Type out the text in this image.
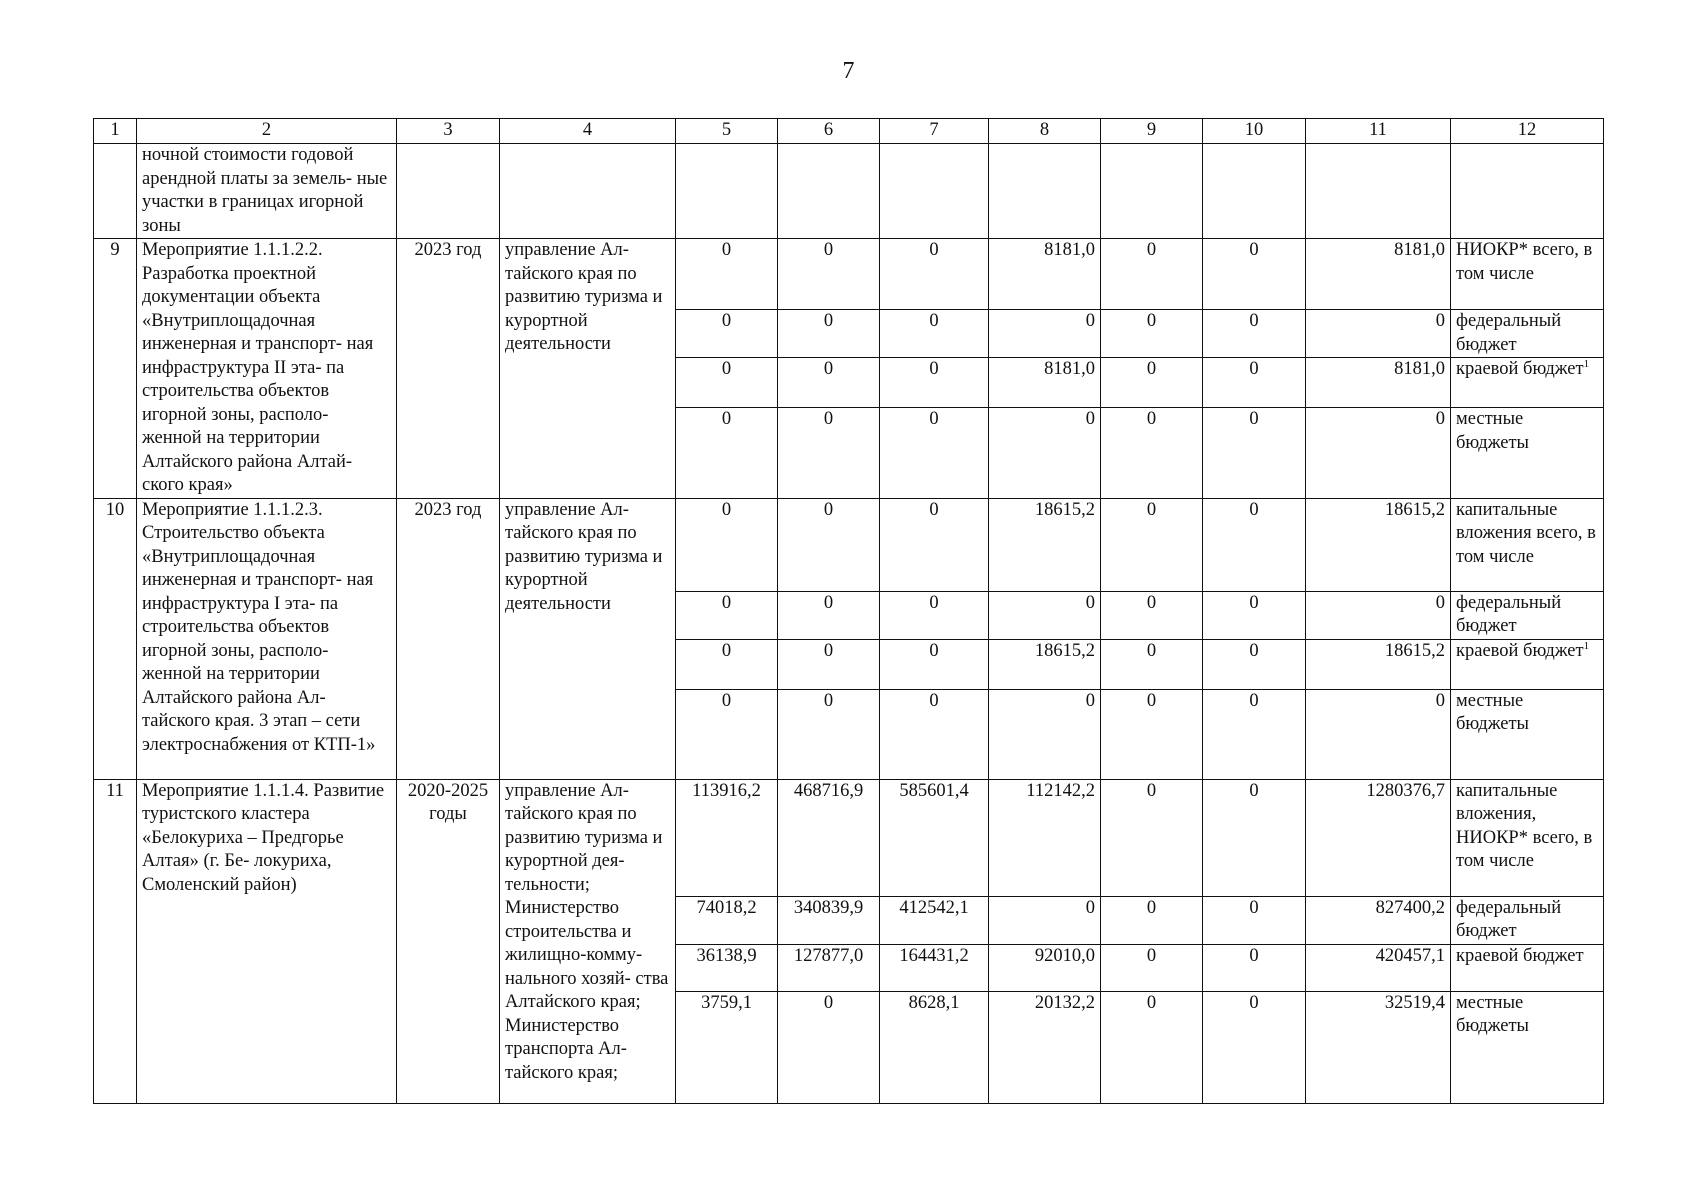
7
1	2	3	4	5	6	7	8	9	10	11	12
	ночной стоимости годовой арендной платы за земель- ные участки в границах игорной зоны										
9	Мероприятие 1.1.1.2.2. Разработка проектной документации объекта «Внутриплощадочная инженерная и транспорт- ная инфраструктура II эта- па строительства объектов игорной зоны, располо- женной на территории Алтайского района Алтай- ского края»	2023 год	управление Ал- тайского края по развитию туризма и курортной деятельности	0	0	0	8181,0	0	0	8181,0	НИОКР* всего, в том числе
				0	0	0	0	0	0	0	федеральный бюджет
				0	0	0	8181,0	0	0	8181,0	краевой бюджет$^1$
				0	0	0	0	0	0	0	местные бюджеты
10	Мероприятие 1.1.1.2.3. Строительство объекта «Внутриплощадочная инженерная и транспорт- ная инфраструктура I эта- па строительства объектов игорной зоны, располо- женной на территории Алтайского района Ал- тайского края. 3 этап – сети электроснабжения от КТП-1»	2023 год	управление Ал- тайского края по развитию туризма и курортной деятельности	0	0	0	18615,2	0	0	18615,2	капитальные вложения всего, в том числе
				0	0	0	0	0	0	0	федеральный бюджет
				0	0	0	18615,2	0	0	18615,2	краевой бюджет$^1$
				0	0	0	0	0	0	0	местные бюджеты
11	Мероприятие 1.1.1.4. Развитие туристского кластера «Белокуриха – Предгорье Алтая» (г. Бе- локуриха, Смоленский район)	2020-2025 годы	управление Ал- тайского края по развитию туризма и курортной дея- тельности; Министерство строительства и жилищно-комму- нального хозяй- ства Алтайского края; Министерство транспорта Ал- тайского края;	113916,2	468716,9	585601,4	112142,2	0	0	1280376,7	капитальные вложения, НИОКР* всего, в том числе
				74018,2	340839,9	412542,1	0	0	0	827400,2	федеральный бюджет
				36138,9	127877,0	164431,2	92010,0	0	0	420457,1	краевой бюджет
				3759,1	0	8628,1	20132,2	0	0	32519,4	местные бюджеты
